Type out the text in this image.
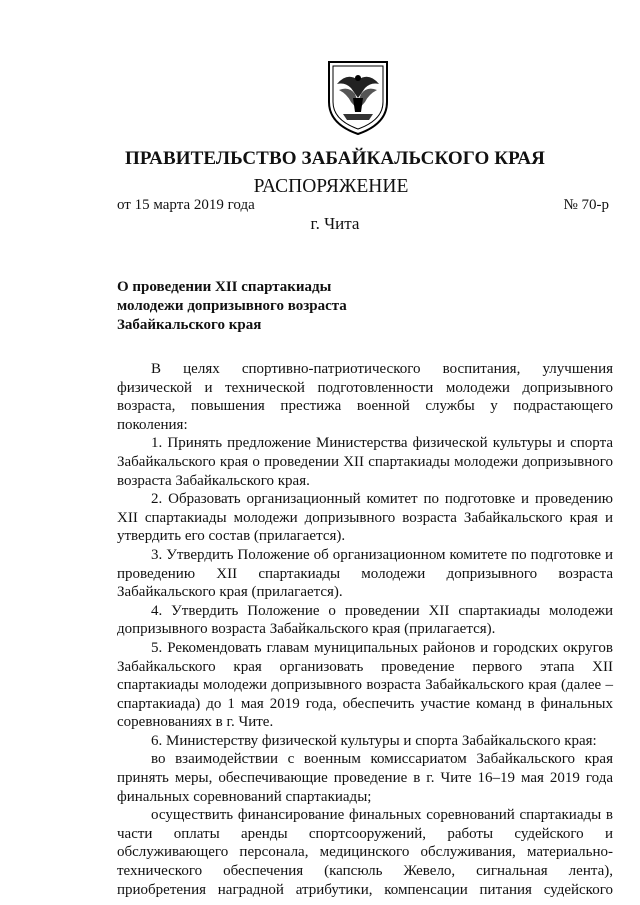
ПРАВИТЕЛЬСТВО ЗАБАЙКАЛЬСКОГО КРАЯ
РАСПОРЯЖЕНИЕ
от 15 марта 2019 года	№ 70-р
г. Чита
О проведении XII спартакиады
молодежи допризывного возраста
Забайкальского края

В целях спортивно-патриотического воспитания, улучшения физической и технической подготовленности молодежи допризывного возраста, повышения престижа военной службы у подрастающего поколения:

1. Принять предложение Министерства физической культуры и спорта Забайкальского края о проведении XII спартакиады молодежи допризывного возраста Забайкальского края.

2. Образовать организационный комитет по подготовке и проведению XII спартакиады молодежи допризывного возраста Забайкальского края и утвердить его состав (прилагается).

3. Утвердить Положение об организационном комитете по подготовке и проведению XII спартакиады молодежи допризывного возраста Забайкальского края (прилагается).

4. Утвердить Положение о проведении XII спартакиады молодежи допризывного возраста Забайкальского края (прилагается).

5. Рекомендовать главам муниципальных районов и городских округов Забайкальского края организовать проведение первого этапа XII спартакиады молодежи допризывного возраста Забайкальского края (далее – спартакиада) до 1 мая 2019 года, обеспечить участие команд в финальных соревнованиях в г. Чите.

6. Министерству физической культуры и спорта Забайкальского края:

во взаимодействии с военным комиссариатом Забайкальского края принять меры, обеспечивающие проведение в г. Чите 16–19 мая 2019 года финальных соревнований спартакиады;

осуществить финансирование финальных соревнований спартакиады в части оплаты аренды спортсооружений, работы судейского и обслуживающего персонала, медицинского обслуживания, материально-технического обеспечения (капсюль Жевело, сигнальная лента), приобретения наградной атрибутики, компенсации питания судейского
